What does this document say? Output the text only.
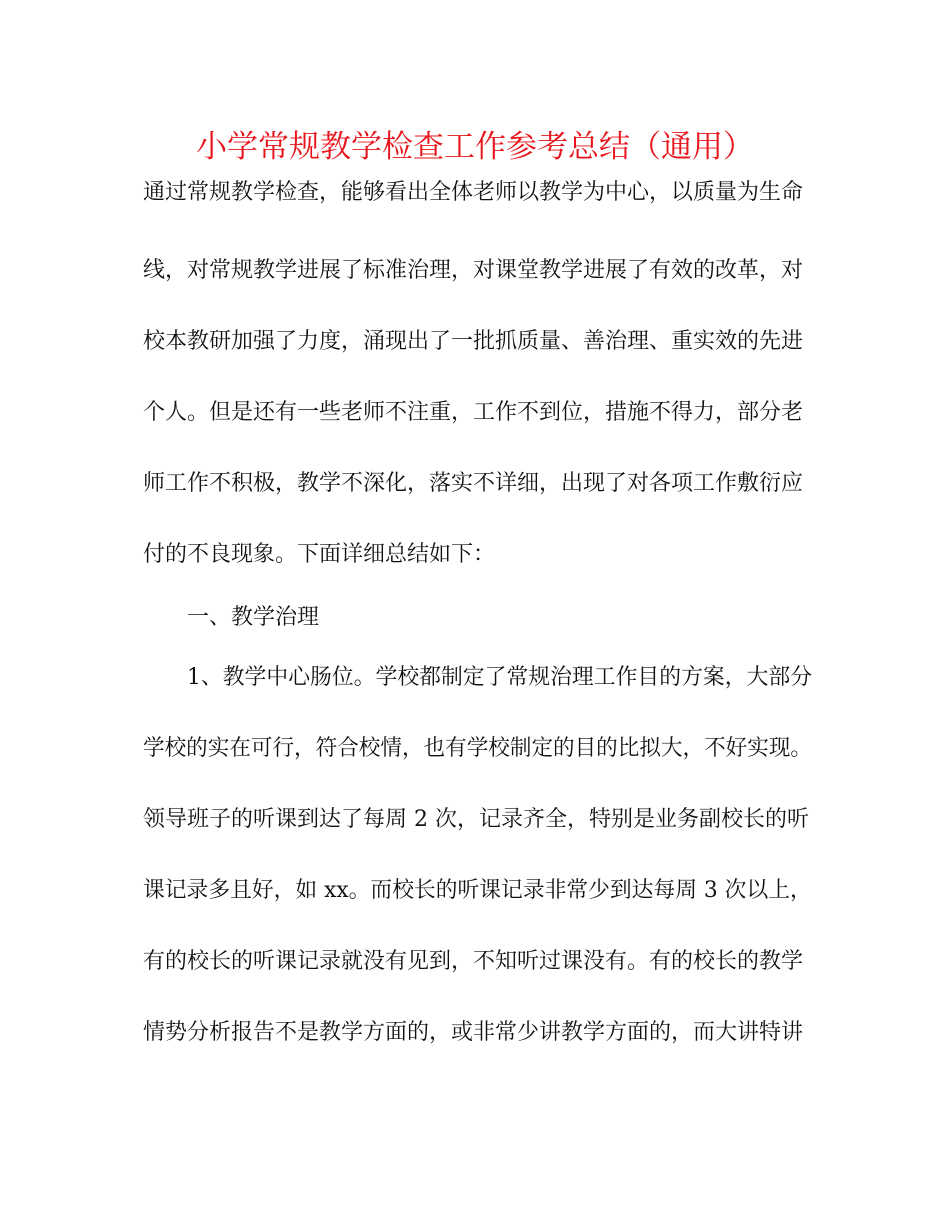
小学常规教学检查工作参考总结（通用）

通过常规教学检查，能够看出全体老师以教学为中心，以质量为生命

线，对常规教学进展了标准治理，对课堂教学进展了有效的改革，对

校本教研加强了力度，涌现出了一批抓质量、善治理、重实效的先进

个人。但是还有一些老师不注重，工作不到位，措施不得力，部分老

师工作不积极，教学不深化，落实不详细，出现了对各项工作敷衍应

付的不良现象。下面详细总结如下：

一、教学治理

1、教学中心肠位。学校都制定了常规治理工作目的方案，大部分

学校的实在可行，符合校情，也有学校制定的目的比拟大，不好实现。

领导班子的听课到达了每周 2 次，记录齐全，特别是业务副校长的听

课记录多且好，如 xx。而校长的听课记录非常少到达每周 3 次以上，

有的校长的听课记录就没有见到，不知听过课没有。有的校长的教学

情势分析报告不是教学方面的，或非常少讲教学方面的，而大讲特讲
